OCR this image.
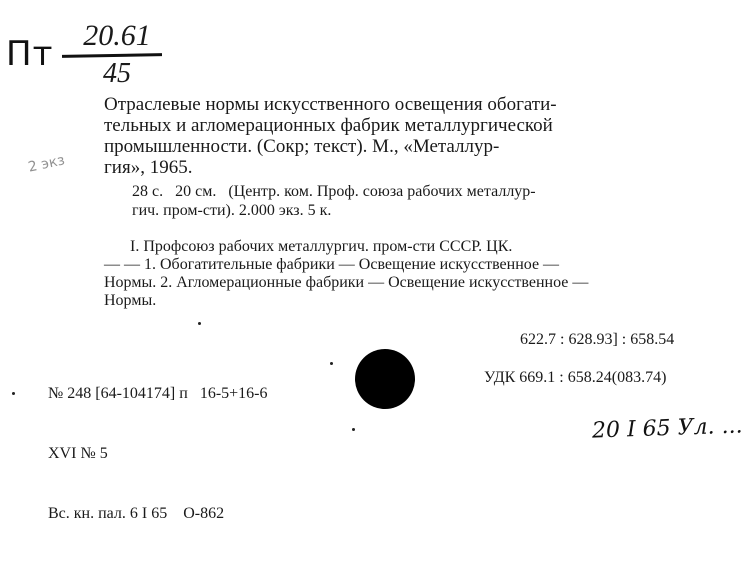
Пт 20.61
45
2 экз
Отраслевые нормы искусственного освещения обогати-
тельных и агломерационных фабрик металлургической
промышленности. (Сокр; текст). М., «Металлур-
гия», 1965.
28 с.   20 см.   (Центр. ком. Проф. союза рабочих металлур-
гич. пром-сти). 2.000 экз. 5 к.
I. Профсоюз рабочих металлургич. пром-сти СССР. ЦК.
— — 1. Обогатительные фабрики — Освещение искусственное —
Нормы. 2. Агломерационные фабрики — Освещение искусственное —
Нормы.
622.7 : 628.93] : 658.54
УДК 669.1 : 658.24(083.74)

№ 248 [64-104174] п   16-5+16-6

XVI № 5

Вс. кн. пал. 6 I 65    О-862

20 I 65 Ул. ...
